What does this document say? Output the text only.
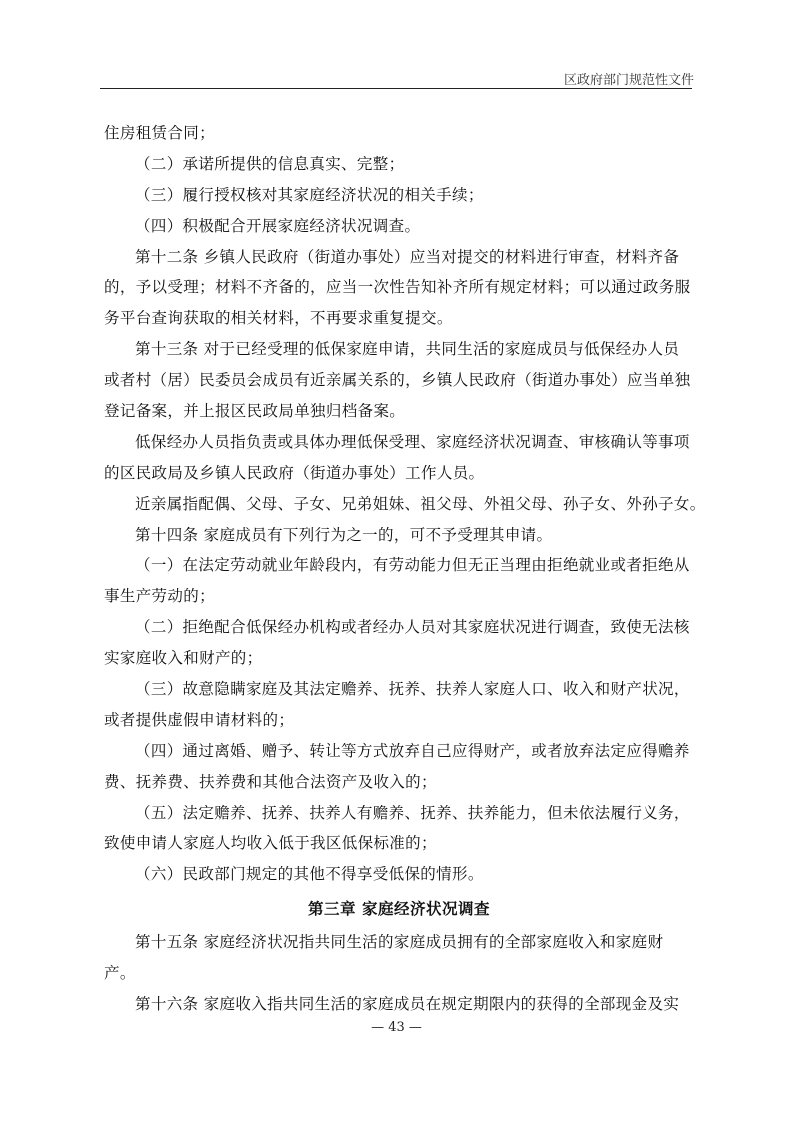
区政府部门规范性文件
住房租赁合同；
（二）承诺所提供的信息真实、完整；
（三）履行授权核对其家庭经济状况的相关手续；
（四）积极配合开展家庭经济状况调查。
第十二条 乡镇人民政府（街道办事处）应当对提交的材料进行审查，材料齐备
的，予以受理；材料不齐备的，应当一次性告知补齐所有规定材料；可以通过政务服
务平台查询获取的相关材料，不再要求重复提交。
第十三条 对于已经受理的低保家庭申请，共同生活的家庭成员与低保经办人员
或者村（居）民委员会成员有近亲属关系的，乡镇人民政府（街道办事处）应当单独
登记备案，并上报区民政局单独归档备案。
低保经办人员指负责或具体办理低保受理、家庭经济状况调查、审核确认等事项
的区民政局及乡镇人民政府（街道办事处）工作人员。
近亲属指配偶、父母、子女、兄弟姐妹、祖父母、外祖父母、孙子女、外孙子女。
第十四条 家庭成员有下列行为之一的，可不予受理其申请。
（一）在法定劳动就业年龄段内，有劳动能力但无正当理由拒绝就业或者拒绝从
事生产劳动的；
（二）拒绝配合低保经办机构或者经办人员对其家庭状况进行调查，致使无法核
实家庭收入和财产的；
（三）故意隐瞒家庭及其法定赡养、抚养、扶养人家庭人口、收入和财产状况，
或者提供虚假申请材料的；
（四）通过离婚、赠予、转让等方式放弃自己应得财产，或者放弃法定应得赡养
费、抚养费、扶养费和其他合法资产及收入的；
（五）法定赡养、抚养、扶养人有赡养、抚养、扶养能力，但未依法履行义务，
致使申请人家庭人均收入低于我区低保标准的；
（六）民政部门规定的其他不得享受低保的情形。
第三章 家庭经济状况调查
第十五条 家庭经济状况指共同生活的家庭成员拥有的全部家庭收入和家庭财
产。
第十六条 家庭收入指共同生活的家庭成员在规定期限内的获得的全部现金及实
— 43 —
